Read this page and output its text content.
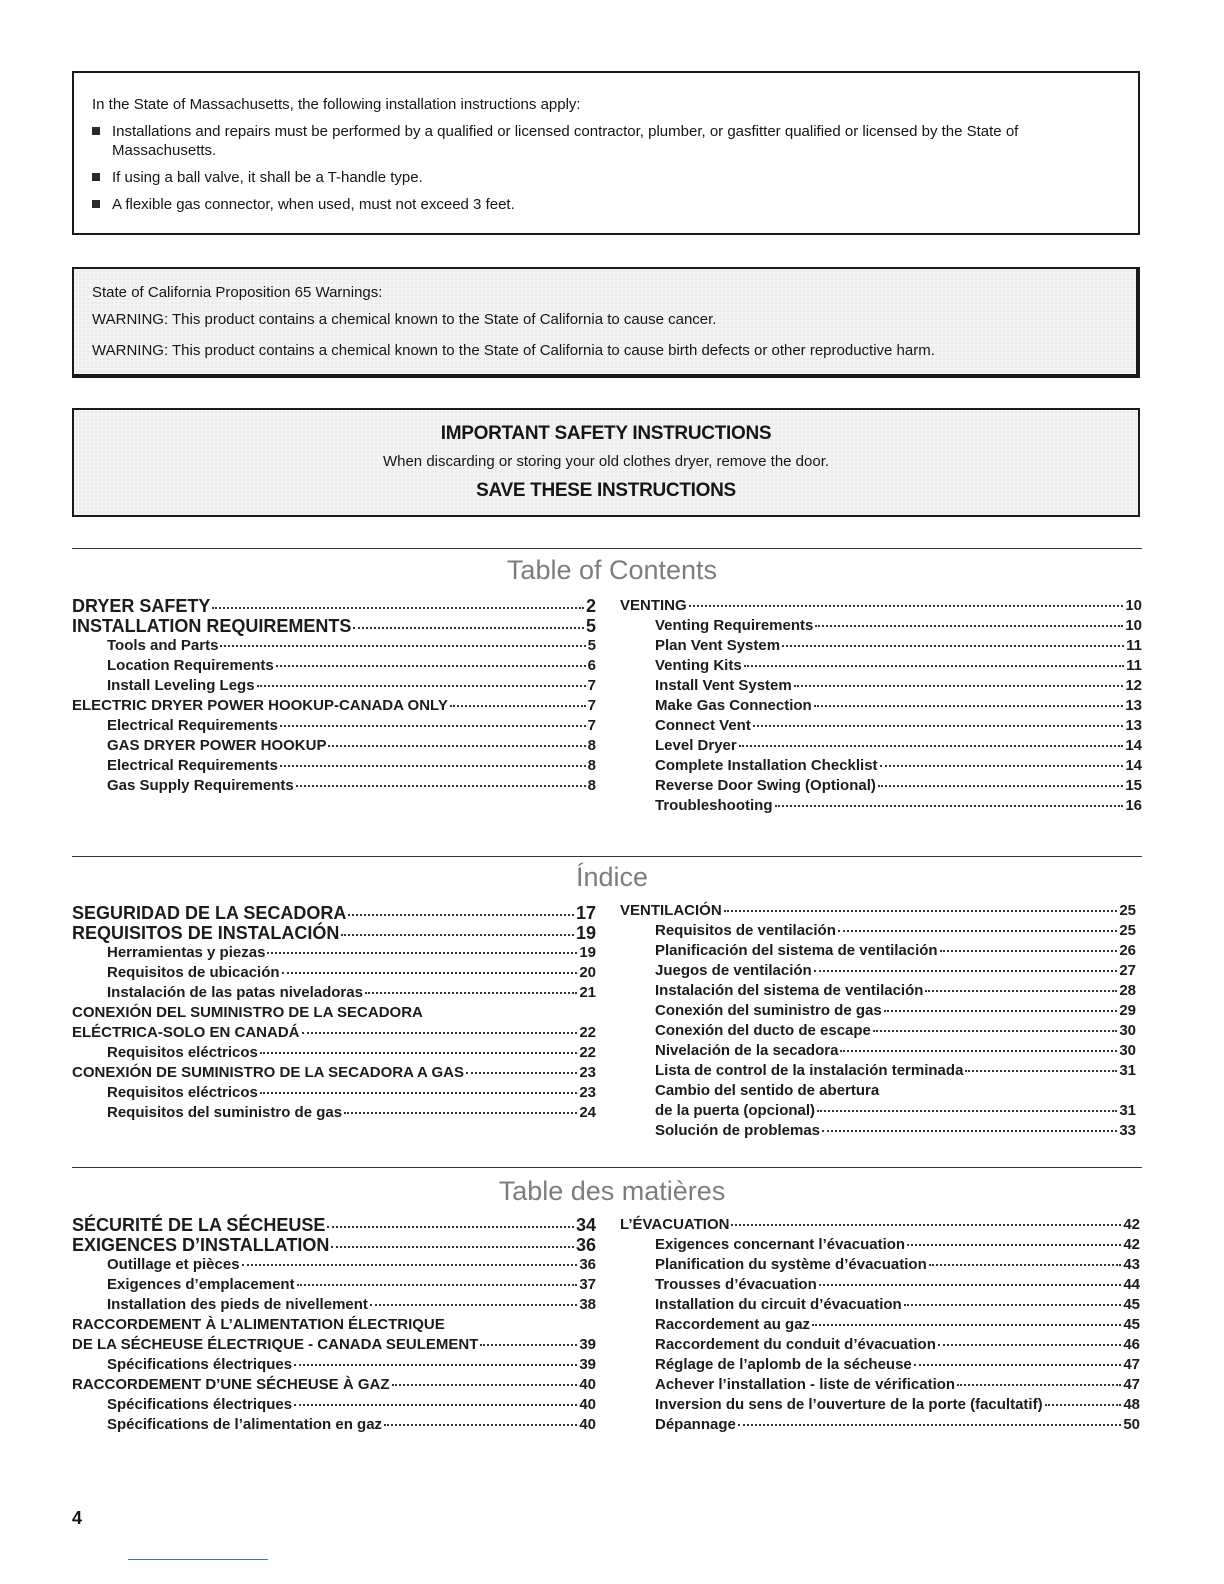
In the State of Massachusetts, the following installation instructions apply:

Installations and repairs must be performed by a qualified or licensed contractor, plumber, or gasfitter qualified or licensed by the State of Massachusetts.
If using a ball valve, it shall be a T-handle type.
A flexible gas connector, when used, must not exceed 3 feet.

State of California Proposition 65 Warnings:

WARNING: This product contains a chemical known to the State of California to cause cancer.

WARNING: This product contains a chemical known to the State of California to cause birth defects or other reproductive harm.

IMPORTANT SAFETY INSTRUCTIONS
When discarding or storing your old clothes dryer, remove the door.
SAVE THESE INSTRUCTIONS
Table of Contents
DRYER SAFETY	2
INSTALLATION REQUIREMENTS	5
Tools and Parts	5
Location Requirements	6
Install Leveling Legs	7
ELECTRIC DRYER POWER HOOKUP-CANADA ONLY	7
Electrical Requirements	7
GAS DRYER POWER HOOKUP	8
Electrical Requirements	8
Gas Supply Requirements	8
VENTING	10
Venting Requirements	10
Plan Vent System	11
Venting Kits	11
Install Vent System	12
Make Gas Connection	13
Connect Vent	13
Level Dryer	14
Complete Installation Checklist	14
Reverse Door Swing (Optional)	15
Troubleshooting	16
Índice
SEGURIDAD DE LA SECADORA	17
REQUISITOS DE INSTALACIÓN	19
Herramientas y piezas	19
Requisitos de ubicación	20
Instalación de las patas niveladoras	21
CONEXIÓN DEL SUMINISTRO DE LA SECADORA
ELÉCTRICA-SOLO EN CANADÁ	22
Requisitos eléctricos	22
CONEXIÓN DE SUMINISTRO DE LA SECADORA A GAS	23
Requisitos eléctricos	23
Requisitos del suministro de gas	24
VENTILACIÓN	25
Requisitos de ventilación	25
Planificación del sistema de ventilación	26
Juegos de ventilación	27
Instalación del sistema de ventilación	28
Conexión del suministro de gas	29
Conexión del ducto de escape	30
Nivelación de la secadora	30
Lista de control de la instalación terminada	31
Cambio del sentido de abertura
de la puerta (opcional)	31
Solución de problemas	33
Table des matières
SÉCURITÉ DE LA SÉCHEUSE	34
EXIGENCES D’INSTALLATION	36
Outillage et pièces	36
Exigences d’emplacement	37
Installation des pieds de nivellement	38
RACCORDEMENT À L’ALIMENTATION ÉLECTRIQUE
DE LA SÉCHEUSE ÉLECTRIQUE - CANADA SEULEMENT	39
Spécifications électriques	39
RACCORDEMENT D’UNE SÉCHEUSE À GAZ	40
Spécifications électriques	40
Spécifications de l’alimentation en gaz	40
L’ÉVACUATION	42
Exigences concernant l’évacuation	42
Planification du système d’évacuation	43
Trousses d’évacuation	44
Installation du circuit d’évacuation	45
Raccordement au gaz	45
Raccordement du conduit d’évacuation	46
Réglage de l’aplomb de la sécheuse	47
Achever l’installation - liste de vérification	47
Inversion du sens de l’ouverture de la porte (facultatif)	48
Dépannage	50
4
